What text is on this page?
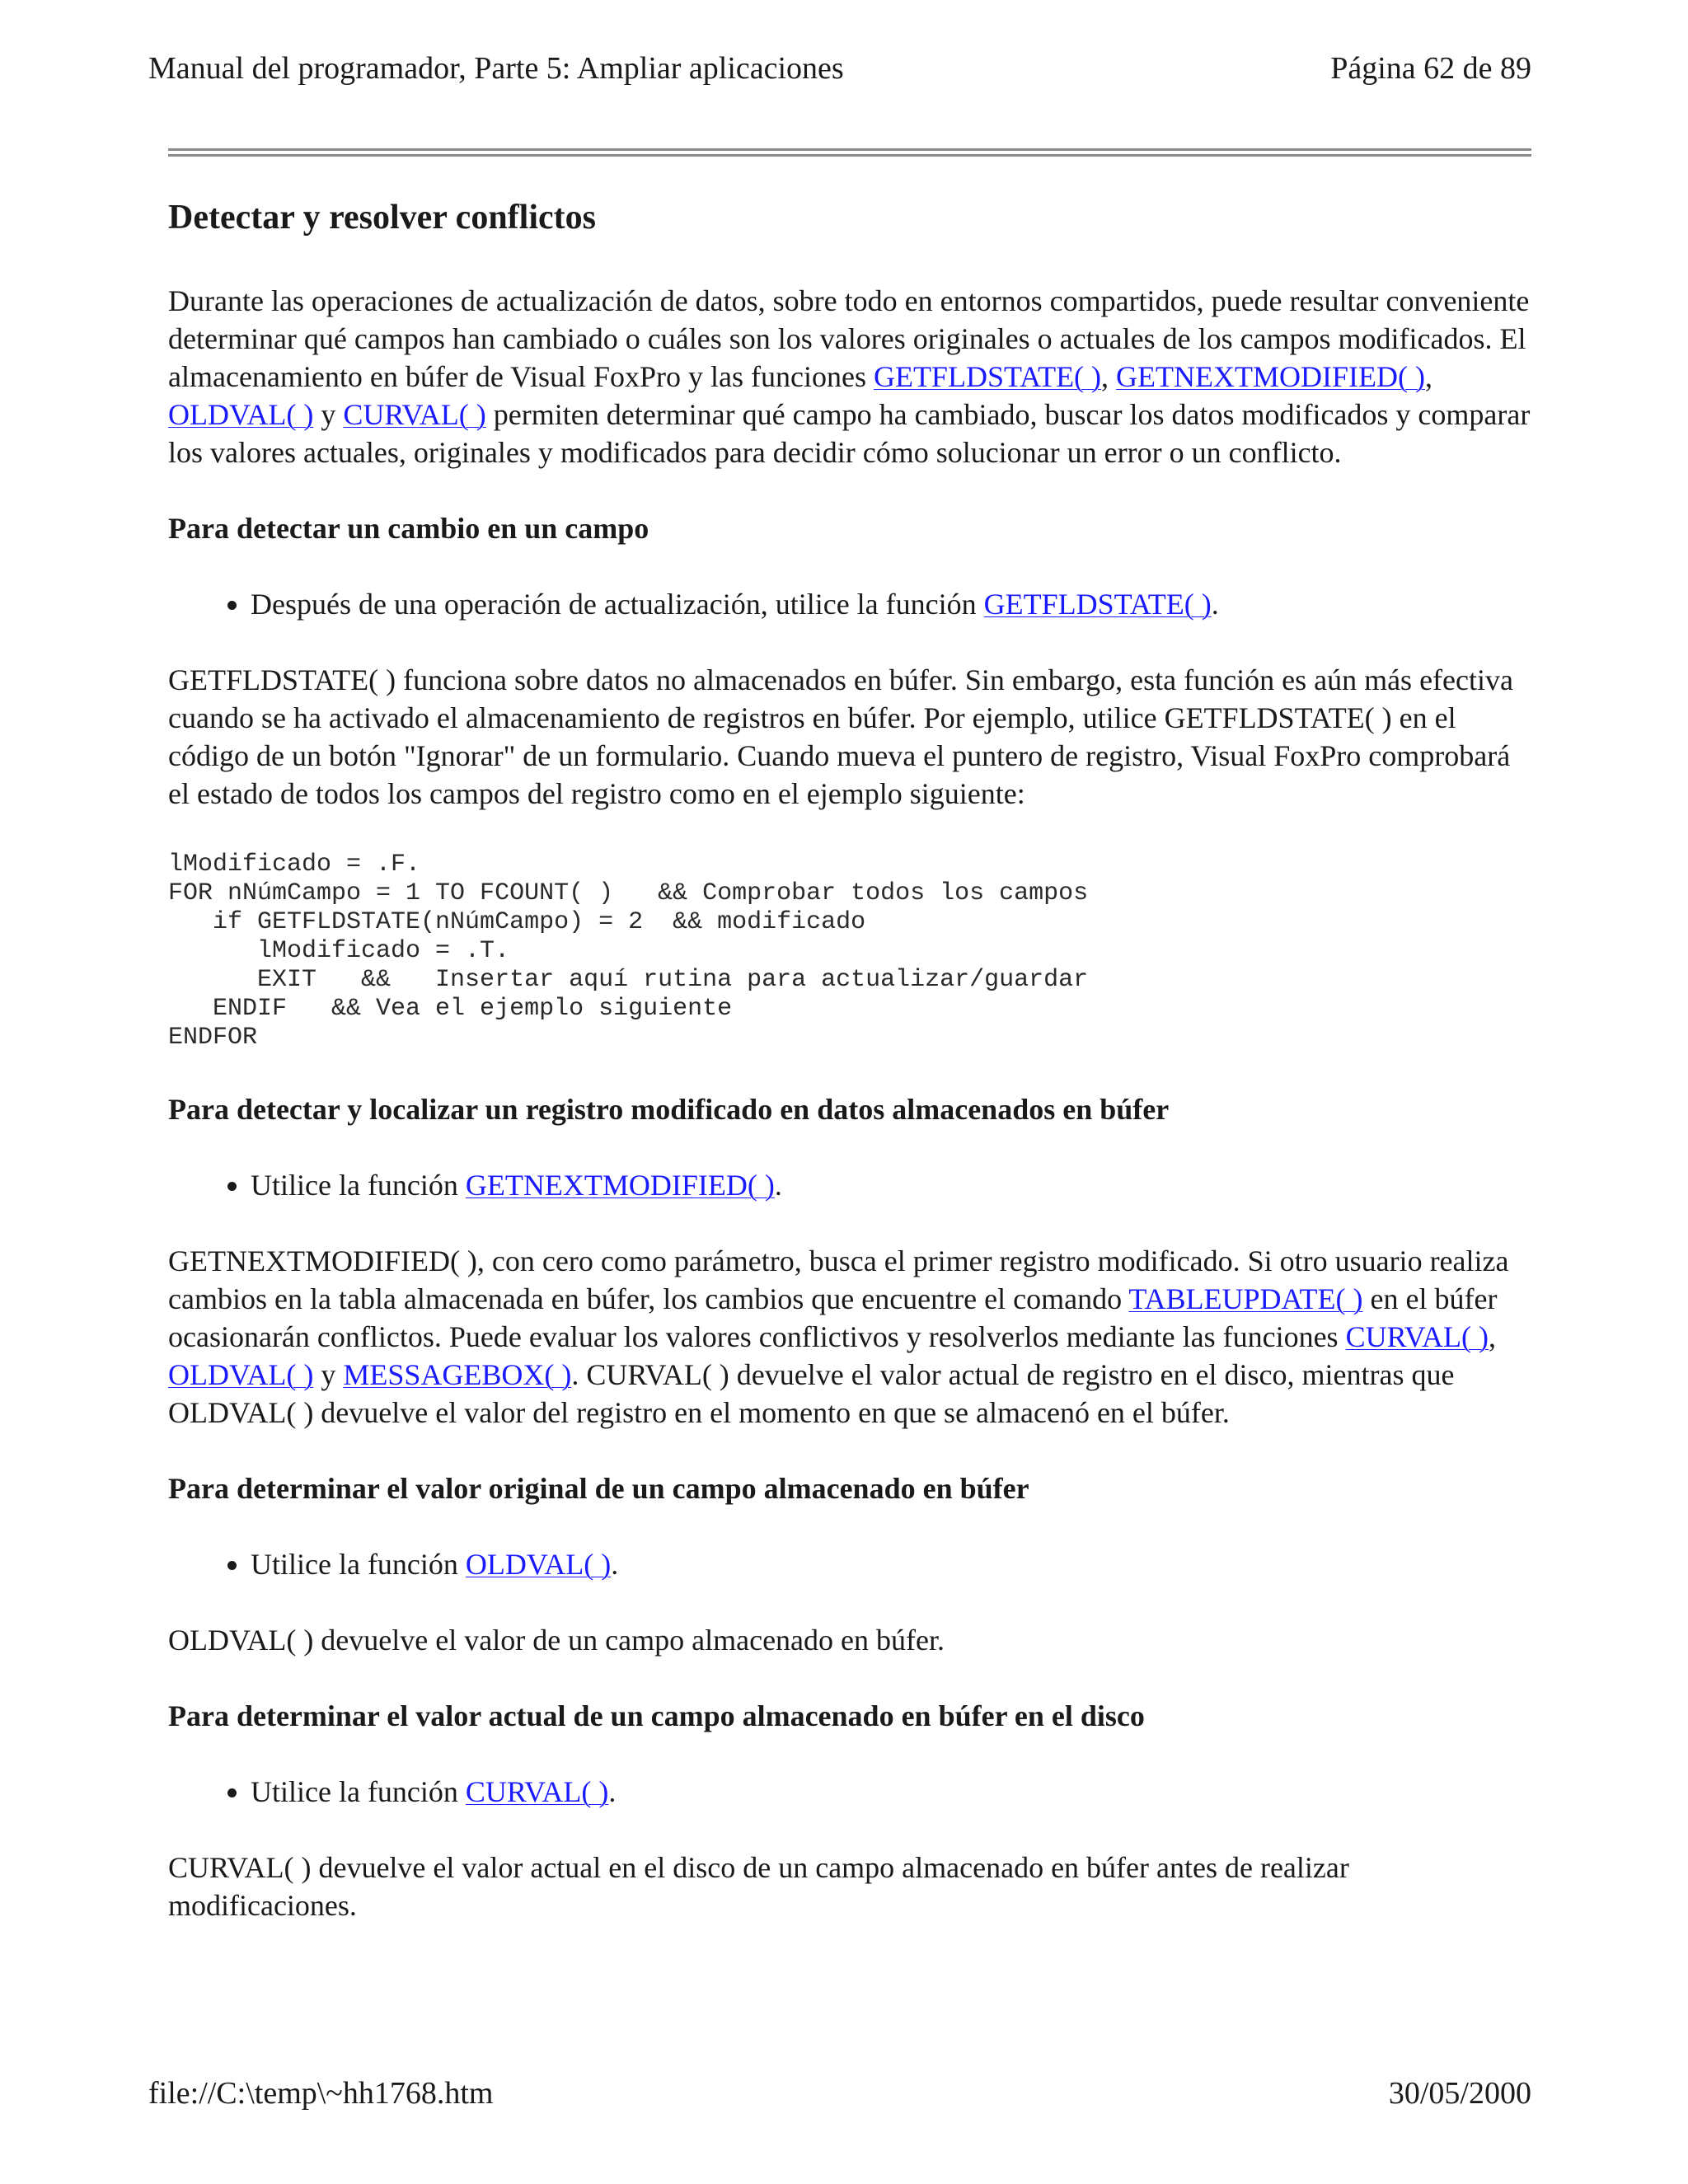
Manual del programador, Parte 5: Ampliar aplicaciones	Página 62 de 89
Detectar y resolver conflictos

Durante las operaciones de actualización de datos, sobre todo en entornos compartidos, puede resultar conveniente determinar qué campos han cambiado o cuáles son los valores originales o actuales de los campos modificados. El almacenamiento en búfer de Visual FoxPro y las funciones GETFLDSTATE( ), GETNEXTMODIFIED( ), OLDVAL( ) y CURVAL( ) permiten determinar qué campo ha cambiado, buscar los datos modificados y comparar los valores actuales, originales y modificados para decidir cómo solucionar un error o un conflicto.

Para detectar un cambio en un campo
• Después de una operación de actualización, utilice la función GETFLDSTATE( ).

GETFLDSTATE( ) funciona sobre datos no almacenados en búfer. Sin embargo, esta función es aún más efectiva cuando se ha activado el almacenamiento de registros en búfer. Por ejemplo, utilice GETFLDSTATE( ) en el código de un botón "Ignorar" de un formulario. Cuando mueva el puntero de registro, Visual FoxPro comprobará el estado de todos los campos del registro como en el ejemplo siguiente:

lModificado = .F.
FOR nNúmCampo = 1 TO FCOUNT( )   && Comprobar todos los campos
if GETFLDSTATE(nNúmCampo) = 2  && modificado
lModificado = .T.
EXIT   &&   Insertar aquí rutina para actualizar/guardar
ENDIF   && Vea el ejemplo siguiente
ENDFOR
Para detectar y localizar un registro modificado en datos almacenados en búfer
• Utilice la función GETNEXTMODIFIED( ).

GETNEXTMODIFIED( ), con cero como parámetro, busca el primer registro modificado. Si otro usuario realiza cambios en la tabla almacenada en búfer, los cambios que encuentre el comando TABLEUPDATE( ) en el búfer ocasionarán conflictos. Puede evaluar los valores conflictivos y resolverlos mediante las funciones CURVAL( ), OLDVAL( ) y MESSAGEBOX( ). CURVAL( ) devuelve el valor actual de registro en el disco, mientras que OLDVAL( ) devuelve el valor del registro en el momento en que se almacenó en el búfer.

Para determinar el valor original de un campo almacenado en búfer
• Utilice la función OLDVAL( ).

OLDVAL( ) devuelve el valor de un campo almacenado en búfer.

Para determinar el valor actual de un campo almacenado en búfer en el disco
• Utilice la función CURVAL( ).

CURVAL( ) devuelve el valor actual en el disco de un campo almacenado en búfer antes de realizar modificaciones.

file://C:\temp\~hh1768.htm	30/05/2000
